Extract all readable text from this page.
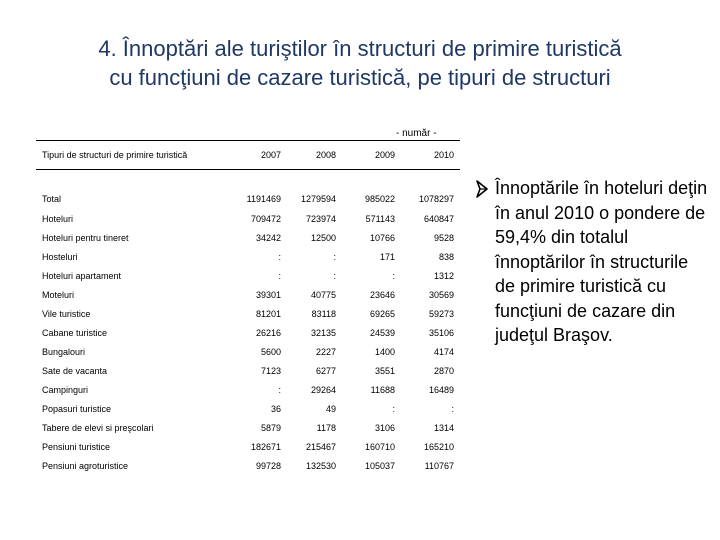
4. Înnoptări ale turiştilor în structuri de primire turistică
cu funcţiuni de cazare turistică, pe tipuri de structuri
- număr -
Tipuri de structuri de primire turistică	2007	2008	2009	2010
Total	1191469	1279594	985022	1078297
Hoteluri	709472	723974	571143	640847
Hoteluri pentru tineret	34242	12500	10766	9528
Hosteluri	:	:	171	838
Hoteluri apartament	:	:	:	1312
Moteluri	39301	40775	23646	30569
Vile turistice	81201	83118	69265	59273
Cabane turistice	26216	32135	24539	35106
Bungalouri	5600	2227	1400	4174
Sate de vacanta	7123	6277	3551	2870
Campinguri	:	29264	11688	16489
Popasuri turistice	36	49	:	:
Tabere de elevi si preşcolari	5879	1178	3106	1314
Pensiuni turistice	182671	215467	160710	165210
Pensiuni agroturistice	99728	132530	105037	110767
Înnoptările în hoteluri deţin în anul 2010 o pondere de 59,4% din totalul înnoptărilor în structurile de primire turistică cu funcţiuni de cazare din judeţul Braşov.
